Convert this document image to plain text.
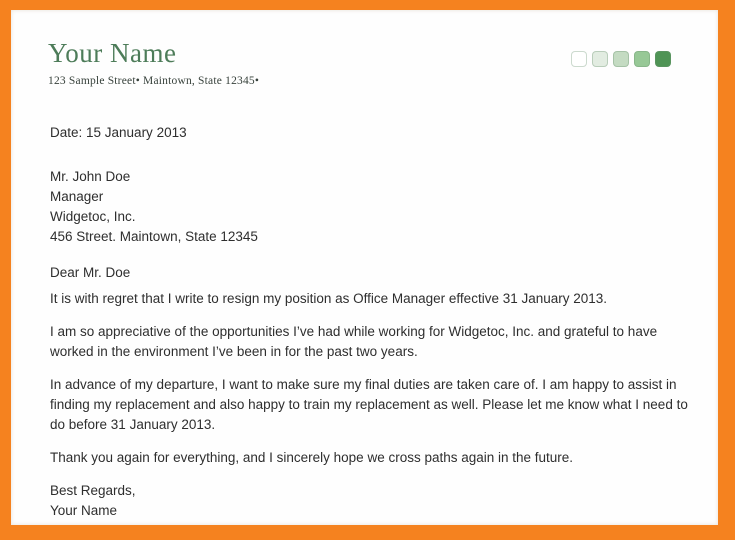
Your Name

123 Sample Street• Maintown, State 12345•

Date: 15 January 2013

Mr. John Doe
Manager
Widgetoc, Inc.
456 Street. Maintown, State 12345

Dear Mr. Doe

It is with regret that I write to resign my position as Office Manager effective 31 January 2013.

I am so appreciative of the opportunities I’ve had while working for Widgetoc, Inc. and grateful to have worked in the environment I’ve been in for the past two years.

In advance of my departure, I want to make sure my final duties are taken care of. I am happy to assist in finding my replacement and also happy to train my replacement as well. Please let me know what I need to do before 31 January 2013.

Thank you again for everything, and I sincerely hope we cross paths again in the future.

Best Regards,
Your Name
